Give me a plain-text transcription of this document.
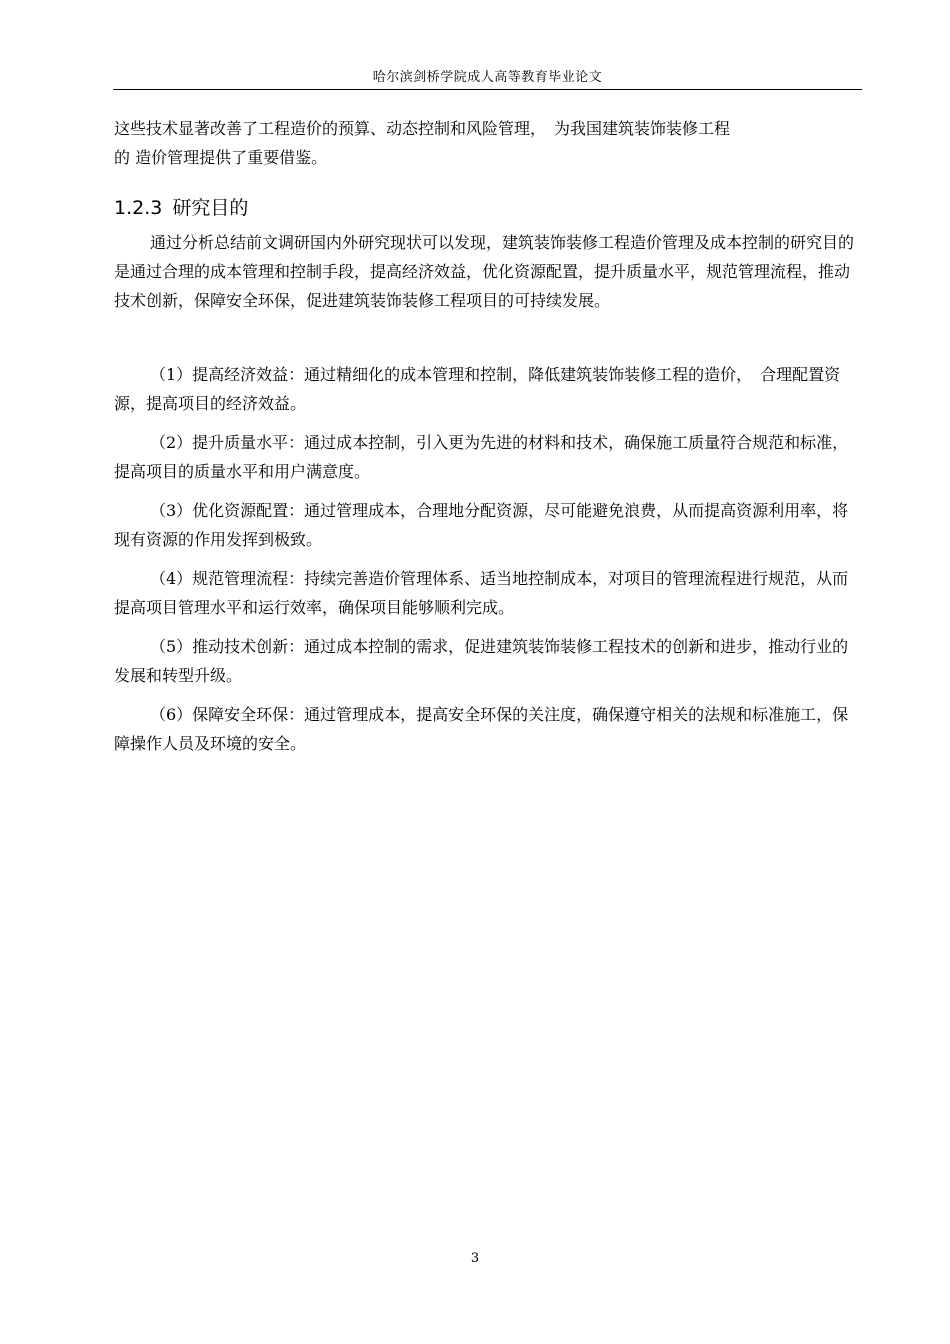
哈尔滨剑桥学院成人高等教育毕业论文

这些技术显著改善了工程造价的预算、动态控制和风险管理，　为我国建筑装饰装修工程
的 造价管理提供了重要借鉴。

1.2.3 研究目的

通过分析总结前文调研国内外研究现状可以发现，建筑装饰装修工程造价管理及成本控制的研究目的是通过合理的成本管理和控制手段，提高经济效益，优化资源配置，提升质量水平，规范管理流程，推动技术创新，保障安全环保，促进建筑装饰装修工程项目的可持续发展。

（1）提高经济效益：通过精细化的成本管理和控制，降低建筑装饰装修工程的造价，　合理配置资源，提高项目的经济效益。

（2）提升质量水平：通过成本控制，引入更为先进的材料和技术，确保施工质量符合规范和标准，提高项目的质量水平和用户满意度。

（3）优化资源配置：通过管理成本，合理地分配资源，尽可能避免浪费，从而提高资源利用率，将现有资源的作用发挥到极致。

（4）规范管理流程：持续完善造价管理体系、适当地控制成本，对项目的管理流程进行规范，从而提高项目管理水平和运行效率，确保项目能够顺利完成。

（5）推动技术创新：通过成本控制的需求，促进建筑装饰装修工程技术的创新和进步，推动行业的发展和转型升级。

（6）保障安全环保：通过管理成本，提高安全环保的关注度，确保遵守相关的法规和标准施工，保障操作人员及环境的安全。

3
